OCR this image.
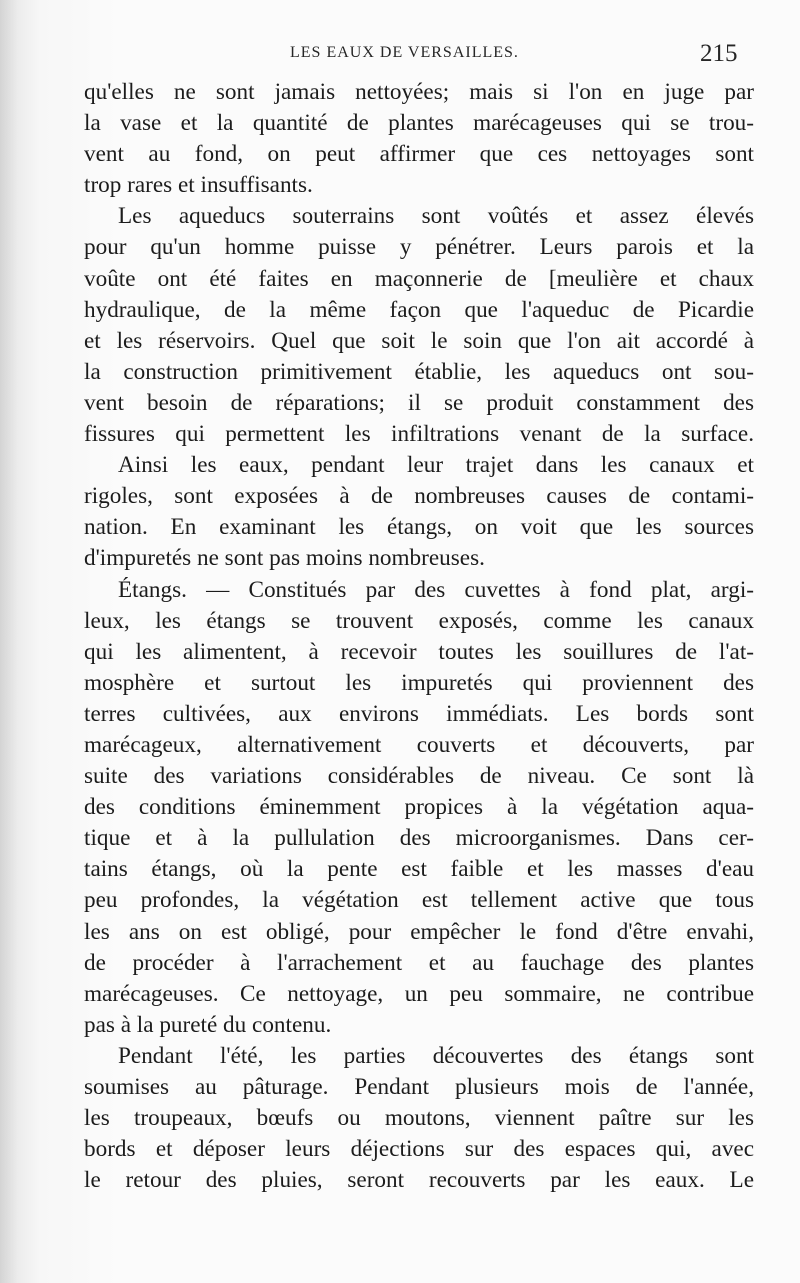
LES EAUX DE VERSAILLES.	215
qu'elles ne sont jamais nettoyées; mais si l'on en juge par
la vase et la quantité de plantes marécageuses qui se trou-
vent au fond, on peut affirmer que ces nettoyages sont
trop rares et insuffisants.
Les aqueducs souterrains sont voûtés et assez élevés
pour qu'un homme puisse y pénétrer. Leurs parois et la
voûte ont été faites en maçonnerie de [meulière et chaux
hydraulique, de la même façon que l'aqueduc de Picardie
et les réservoirs. Quel que soit le soin que l'on ait accordé à
la construction primitivement établie, les aqueducs ont sou-
vent besoin de réparations; il se produit constamment des
fissures qui permettent les infiltrations venant de la surface.
Ainsi les eaux, pendant leur trajet dans les canaux et
rigoles, sont exposées à de nombreuses causes de contami-
nation. En examinant les étangs, on voit que les sources
d'impuretés ne sont pas moins nombreuses.
Étangs. — Constitués par des cuvettes à fond plat, argi-
leux, les étangs se trouvent exposés, comme les canaux
qui les alimentent, à recevoir toutes les souillures de l'at-
mosphère et surtout les impuretés qui proviennent des
terres cultivées, aux environs immédiats. Les bords sont
marécageux, alternativement couverts et découverts, par
suite des variations considérables de niveau. Ce sont là
des conditions éminemment propices à la végétation aqua-
tique et à la pullulation des microorganismes. Dans cer-
tains étangs, où la pente est faible et les masses d'eau
peu profondes, la végétation est tellement active que tous
les ans on est obligé, pour empêcher le fond d'être envahi,
de procéder à l'arrachement et au fauchage des plantes
marécageuses. Ce nettoyage, un peu sommaire, ne contribue
pas à la pureté du contenu.
Pendant l'été, les parties découvertes des étangs sont
soumises au pâturage. Pendant plusieurs mois de l'année,
les troupeaux, bœufs ou moutons, viennent paître sur les
bords et déposer leurs déjections sur des espaces qui, avec
le retour des pluies, seront recouverts par les eaux. Le
